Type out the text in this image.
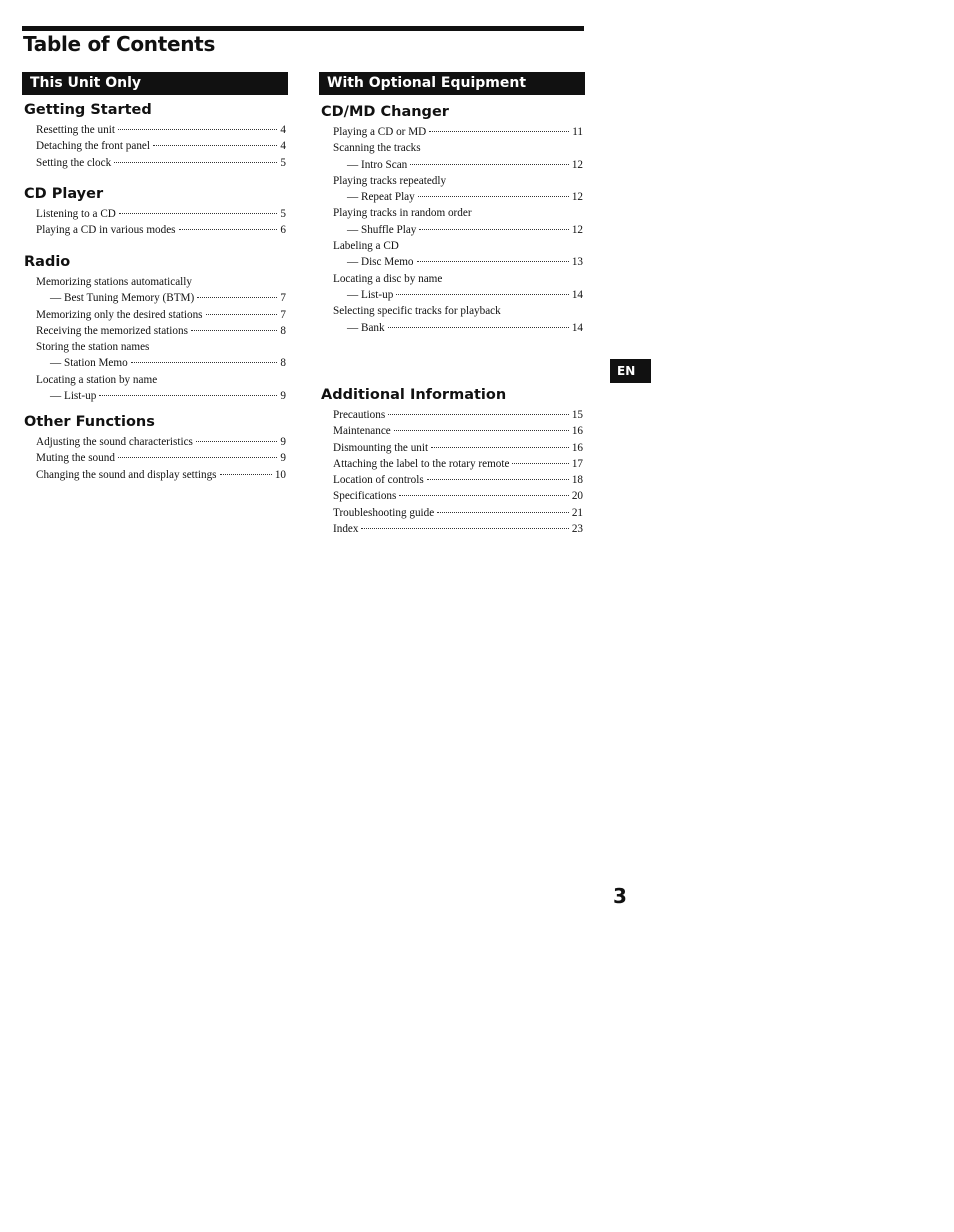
Table of Contents
This Unit Only
Getting Started
Resetting the unit	4
Detaching the front panel	4
Setting the clock	5
CD Player
Listening to a CD	5
Playing a CD in various modes	6
Radio
Memorizing stations automatically
— Best Tuning Memory (BTM)	7
Memorizing only the desired stations	7
Receiving the memorized stations	8
Storing the station names
— Station Memo	8
Locating a station by name
— List-up	9
Other Functions
Adjusting the sound characteristics	9
Muting the sound	9
Changing the sound and display settings	10
With Optional Equipment
CD/MD Changer
Playing a CD or MD	11
Scanning the tracks
— Intro Scan	12
Playing tracks repeatedly
— Repeat Play	12
Playing tracks in random order
— Shuffle Play	12
Labeling a CD
— Disc Memo	13
Locating a disc by name
— List-up	14
Selecting specific tracks for playback
— Bank	14
Additional Information
Precautions	15
Maintenance	16
Dismounting the unit	16
Attaching the label to the rotary remote	17
Location of controls	18
Specifications	20
Troubleshooting guide	21
Index	23
EN
3
